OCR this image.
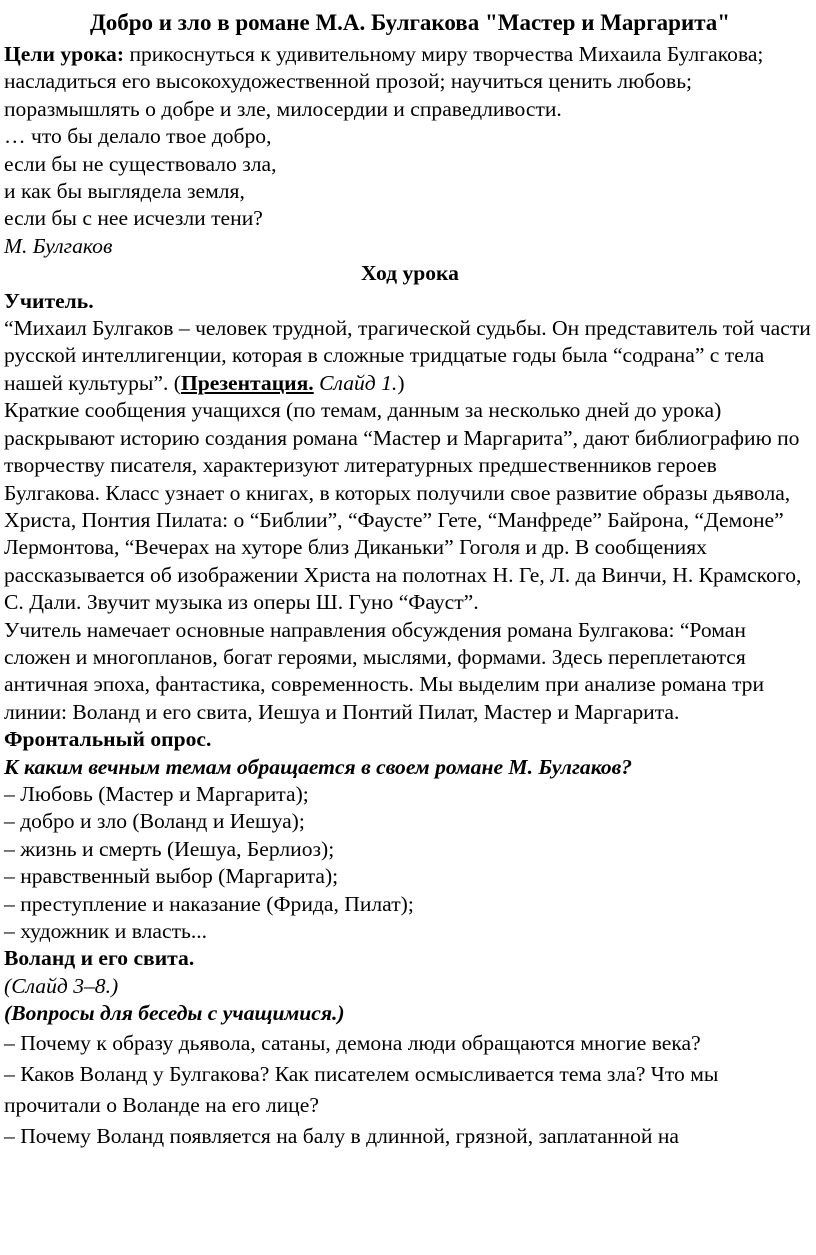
Добро и зло в романе М.А. Булгакова "Мастер и Маргарита"

Цели урока: прикоснуться к удивительному миру творчества Михаила Булгакова; насладиться его высокохудожественной прозой; научиться ценить любовь; поразмышлять о добре и зле, милосердии и справедливости.

… что бы делало твое добро,

если бы не существовало зла,

и как бы выглядела земля,

если бы с нее исчезли тени?

М. Булгаков

Ход урока

Учитель.

“Михаил Булгаков – человек трудной, трагической судьбы. Он представитель той части русской интеллигенции, которая в сложные тридцатые годы была “содрана” с тела нашей культуры”. (Презентация. Слайд 1.)

Краткие сообщения учащихся (по темам, данным за несколько дней до урока) раскрывают историю создания романа “Мастер и Маргарита”, дают библиографию по творчеству писателя, характеризуют литературных предшественников героев Булгакова. Класс узнает о книгах, в которых получили свое развитие образы дьявола, Христа, Понтия Пилата: о “Библии”, “Фаусте” Гете, “Манфреде” Байрона, “Демоне” Лермонтова, “Вечерах на хуторе близ Диканьки” Гоголя и др. В сообщениях рассказывается об изображении Христа на полотнах Н. Ге, Л. да Винчи, Н. Крамского, С. Дали. Звучит музыка из оперы Ш. Гуно “Фауст”.

Учитель намечает основные направления обсуждения романа Булгакова: “Роман сложен и многопланов, богат героями, мыслями, формами. Здесь переплетаются античная эпоха, фантастика, современность. Мы выделим при анализе романа три линии: Воланд и его свита, Иешуа и Понтий Пилат, Мастер и Маргарита.

Фронтальный опрос.

К каким вечным темам обращается в своем романе М. Булгаков?

– Любовь (Мастер и Маргарита);

– добро и зло (Воланд и Иешуа);

– жизнь и смерть (Иешуа, Берлиоз);

– нравственный выбор (Маргарита);

– преступление и наказание (Фрида, Пилат);

– художник и власть...

Воланд и его свита.

(Слайд 3–8.)

(Вопросы для беседы с учащимися.)

– Почему к образу дьявола, сатаны, демона люди обращаются многие века?

– Каков Воланд у Булгакова? Как писателем осмысливается тема зла? Что мы прочитали о Воланде на его лице?

– Почему Воланд появляется на балу в длинной, грязной, заплатанной на
